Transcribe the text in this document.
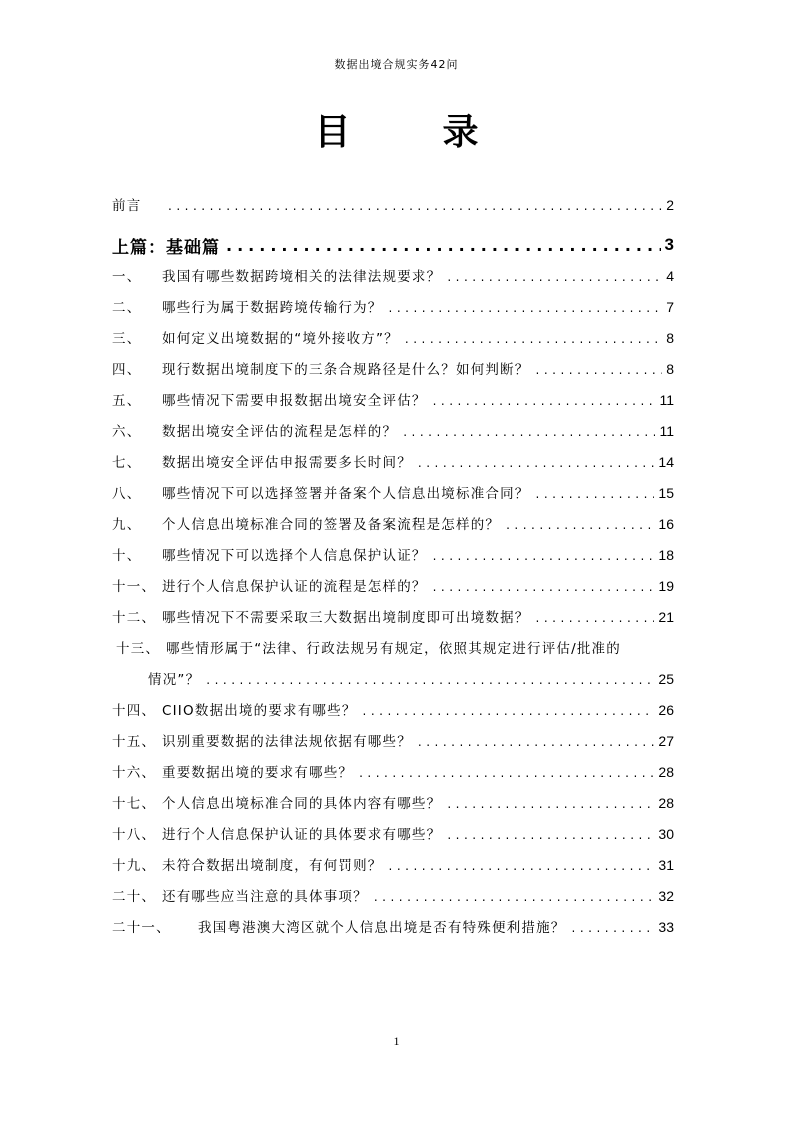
数据出境合规实务42问
目　录
前言 .....	2
上篇：基础篇 .....	3
一、	我国有哪些数据跨境相关的法律法规要求？ .....	4
二、	哪些行为属于数据跨境传输行为？ .....	7
三、	如何定义出境数据的“境外接收方”？ .....	8
四、	现行数据出境制度下的三条合规路径是什么？如何判断？ .....	8
五、	哪些情况下需要申报数据出境安全评估？ .....	11
六、	数据出境安全评估的流程是怎样的？ .....	11
七、	数据出境安全评估申报需要多长时间？ .....	14
八、	哪些情况下可以选择签署并备案个人信息出境标准合同？ .....	15
九、	个人信息出境标准合同的签署及备案流程是怎样的？ .....	16
十、	哪些情况下可以选择个人信息保护认证？ .....	18
十一、 进行个人信息保护认证的流程是怎样的？ .....	19
十二、 哪些情况下不需要采取三大数据出境制度即可出境数据？ .....	21
十三、 哪些情形属于“法律、行政法规另有规定，依照其规定进行评估/批准的
情况”？ .....	25
十四、 CIIO数据出境的要求有哪些？ .....	26
十五、 识别重要数据的法律法规依据有哪些？ .....	27
十六、 重要数据出境的要求有哪些？ .....	28
十七、 个人信息出境标准合同的具体内容有哪些？ .....	28
十八、 进行个人信息保护认证的具体要求有哪些？ .....	30
十九、 未符合数据出境制度，有何罚则？ .....	31
二十、 还有哪些应当注意的具体事项？ .....	32
二十一、	我国粤港澳大湾区就个人信息出境是否有特殊便利措施？ .....	33
1
